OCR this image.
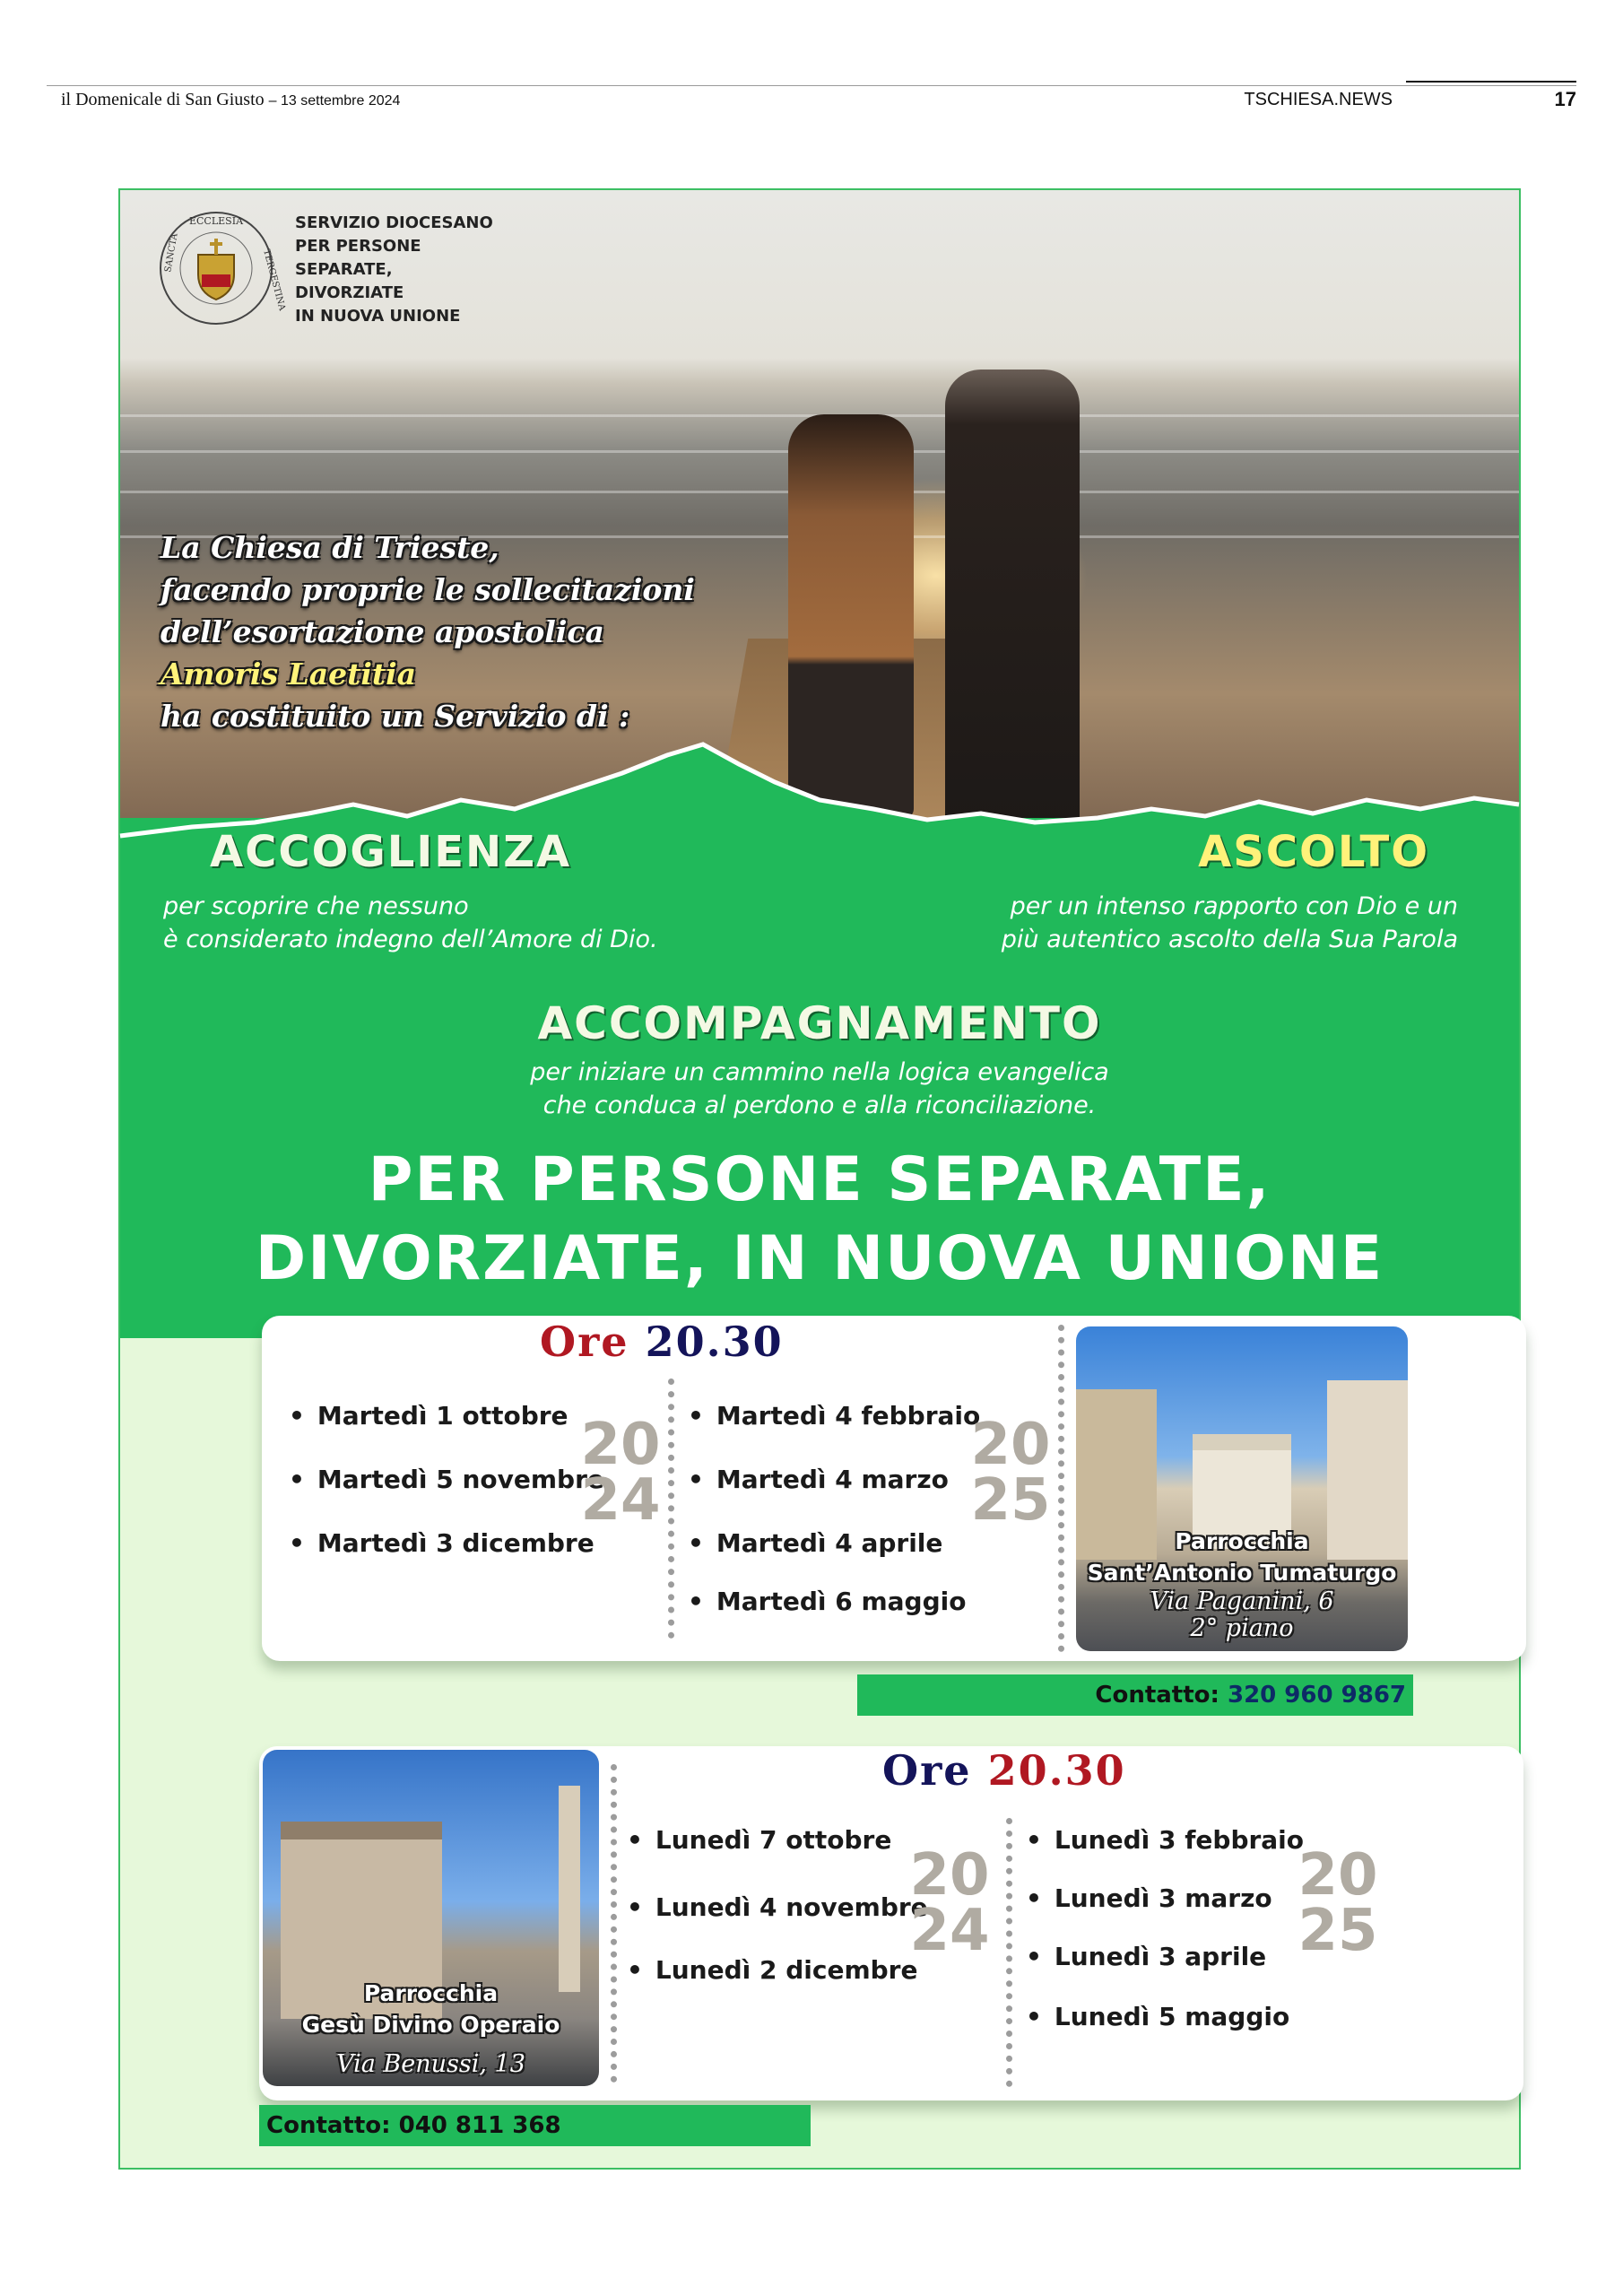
il Domenicale di San Giusto – 13 settembre 2024	TSCHIESA.NEWS	17
ECCLESIA
SANCTA	TERGESTINA
SERVIZIO DIOCESANO
PER PERSONE
SEPARATE,
DIVORZIATE
IN NUOVA UNIONE
La Chiesa di Trieste,
facendo proprie le sollecitazioni
dell’esortazione apostolica
Amoris Laetitia
ha costituito un Servizio di :
ACCOGLIENZA
per scoprire che nessuno
è considerato indegno dell’Amore di Dio.
ASCOLTO
per un intenso rapporto con Dio e un
più autentico ascolto della Sua Parola
ACCOMPAGNAMENTO
per iniziare un cammino nella logica evangelica
che conduca al perdono e alla riconciliazione.
PER PERSONE SEPARATE,
DIVORZIATE, IN NUOVA UNIONE
Ore 20.30
• Martedì 1 ottobre
• Martedì 5 novembre
• Martedì 3 dicembre
20
24
• Martedì 4 febbraio
• Martedì 4 marzo
• Martedì 4 aprile
• Martedì 6 maggio
20
25
Parrocchia
Sant’Antonio Tumaturgo
Via Paganini, 6
2° piano
Contatto: 320 960 9867
Parrocchia
Gesù Divino Operaio
Via Benussi, 13
Ore 20.30
• Lunedì 7 ottobre
• Lunedì 4 novembre
• Lunedì 2 dicembre
20
24
• Lunedì 3 febbraio
• Lunedì 3 marzo
• Lunedì 3 aprile
• Lunedì 5 maggio
20
25
Contatto: 040 811 368
